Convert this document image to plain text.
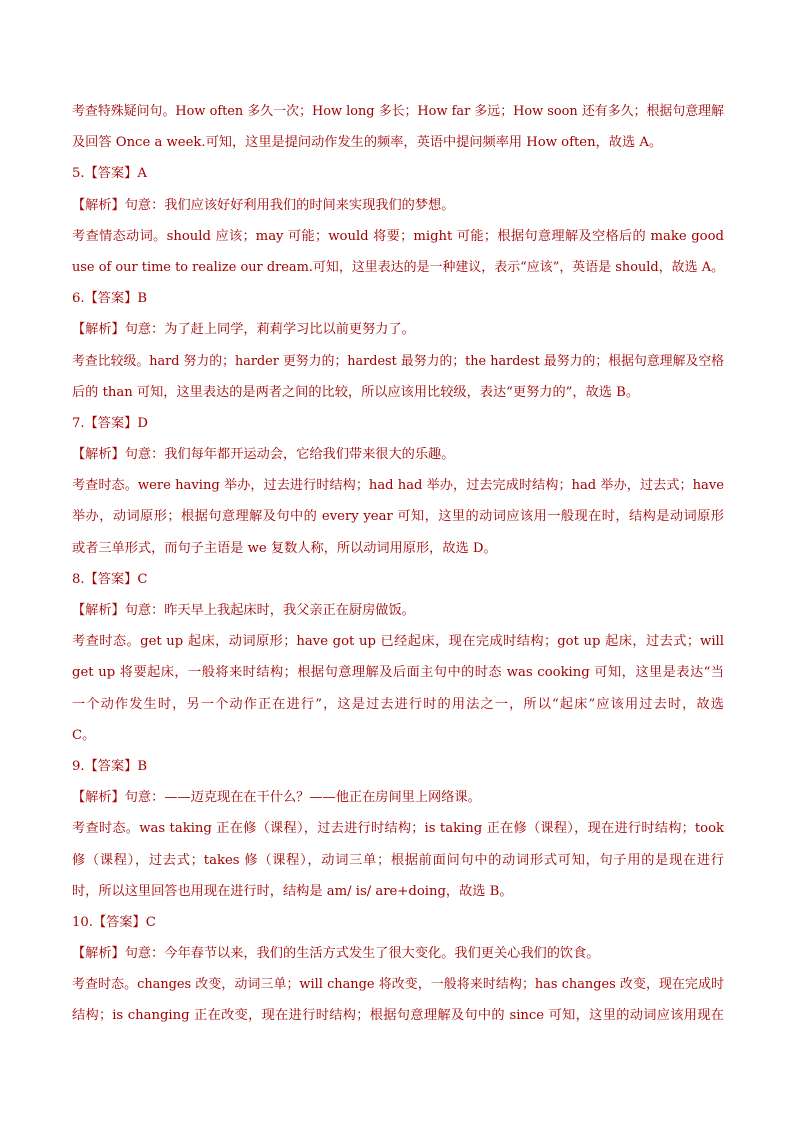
考查特殊疑问句。How often 多久一次；How long 多长；How far 多远；How soon 还有多久；根据句意理解
及回答 Once a week.可知，这里是提问动作发生的频率，英语中提问频率用 How often，故选 A。
5.【答案】A
【解析】句意：我们应该好好利用我们的时间来实现我们的梦想。
考查情态动词。should 应该；may 可能；would 将要；might 可能；根据句意理解及空格后的 make good
use of our time to realize our dream.可知，这里表达的是一种建议，表示“应该”，英语是 should，故选 A。
6.【答案】B
【解析】句意：为了赶上同学，莉莉学习比以前更努力了。
考查比较级。hard 努力的；harder 更努力的；hardest 最努力的；the hardest 最努力的；根据句意理解及空格
后的 than 可知，这里表达的是两者之间的比较，所以应该用比较级，表达“更努力的”，故选 B。
7.【答案】D
【解析】句意：我们每年都开运动会，它给我们带来很大的乐趣。
考查时态。were having 举办，过去进行时结构；had had 举办，过去完成时结构；had 举办，过去式；have
举办，动词原形；根据句意理解及句中的 every year 可知，这里的动词应该用一般现在时，结构是动词原形
或者三单形式，而句子主语是 we 复数人称，所以动词用原形，故选 D。
8.【答案】C
【解析】句意：昨天早上我起床时，我父亲正在厨房做饭。
考查时态。get up 起床，动词原形；have got up 已经起床，现在完成时结构；got up 起床，过去式；will
get up 将要起床，一般将来时结构；根据句意理解及后面主句中的时态 was cooking 可知，这里是表达“当
一个动作发生时，另一个动作正在进行”，这是过去进行时的用法之一，所以“起床”应该用过去时，故选
C。
9.【答案】B
【解析】句意：——迈克现在在干什么？——他正在房间里上网络课。
考查时态。was taking 正在修（课程），过去进行时结构；is taking 正在修（课程），现在进行时结构；took
修（课程），过去式；takes 修（课程），动词三单；根据前面问句中的动词形式可知，句子用的是现在进行
时，所以这里回答也用现在进行时，结构是 am/ is/ are+doing，故选 B。
10.【答案】C
【解析】句意：今年春节以来，我们的生活方式发生了很大变化。我们更关心我们的饮食。
考查时态。changes 改变，动词三单；will change 将改变，一般将来时结构；has changes 改变，现在完成时
结构；is changing 正在改变，现在进行时结构；根据句意理解及句中的 since 可知，这里的动词应该用现在
